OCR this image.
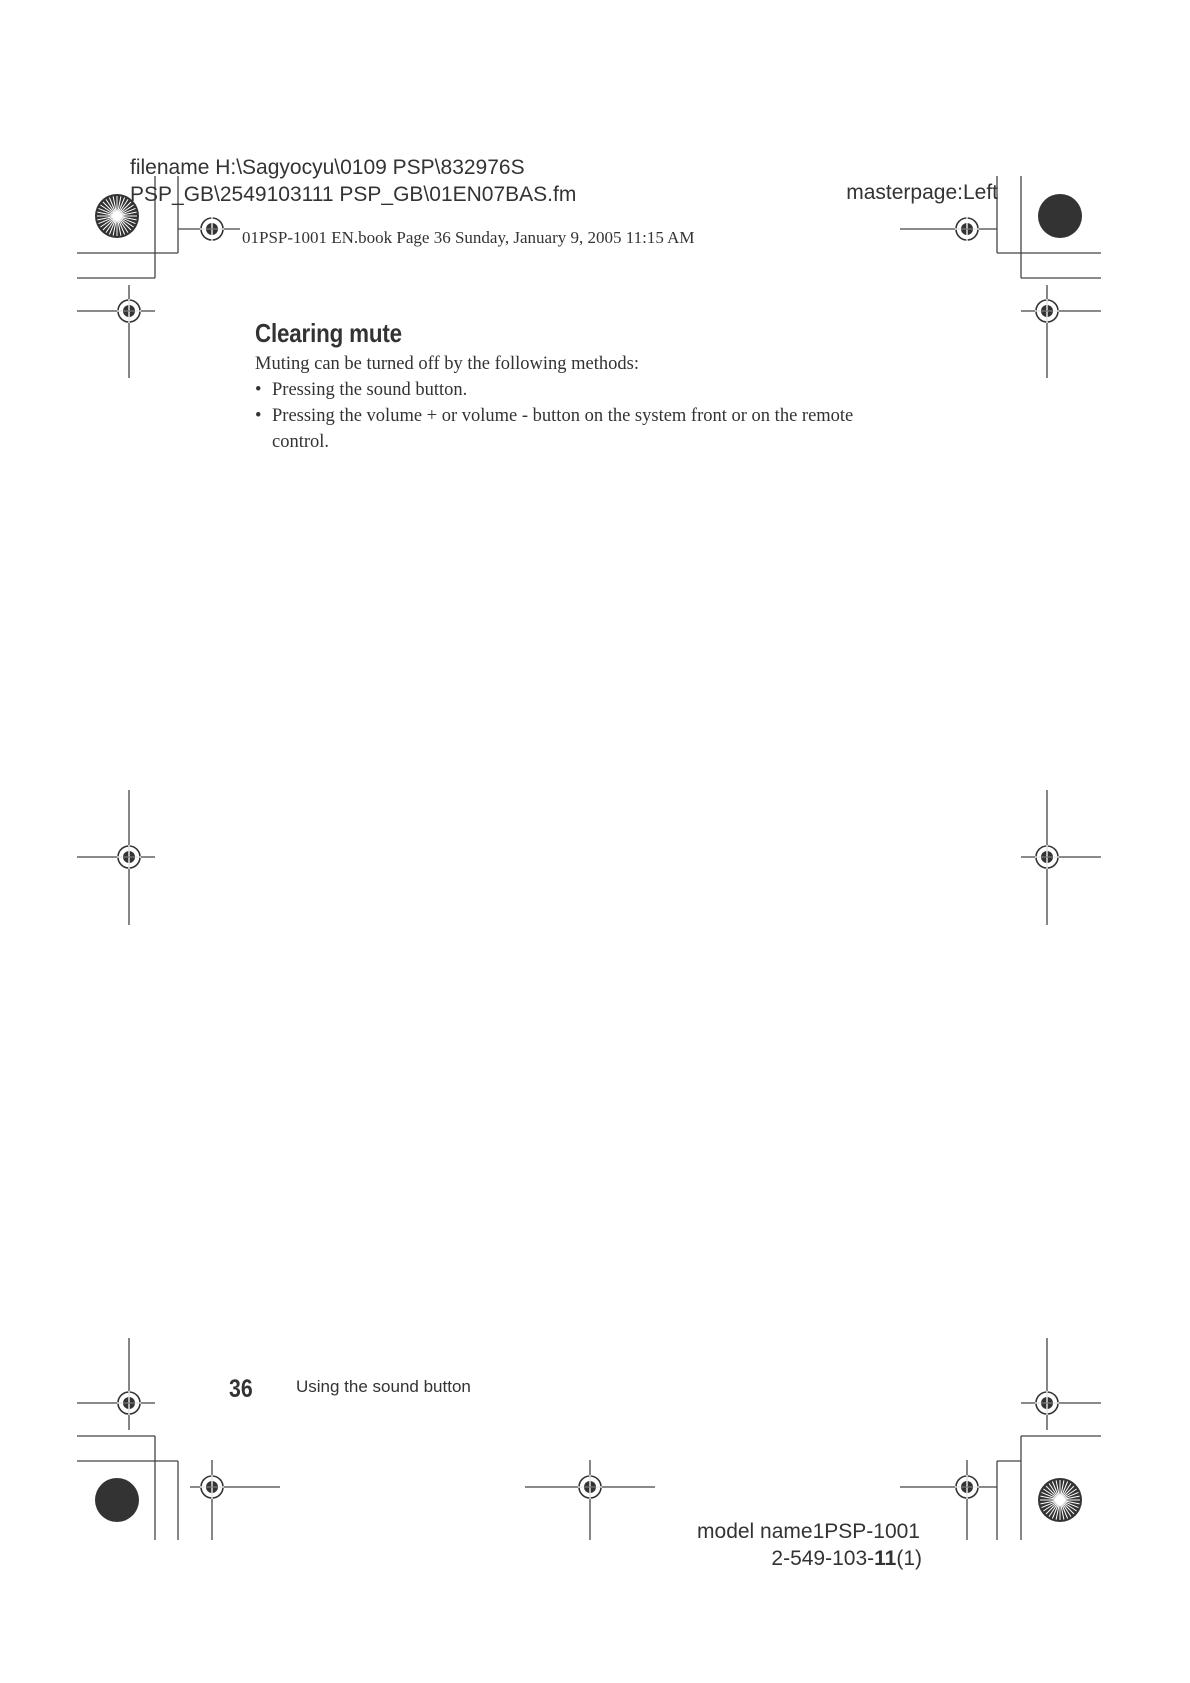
filename H:\Sagyocyu\0109 PSP\832976S
PSP_GB\2549103111 PSP_GB\01EN07BAS.fm	masterpage:Left
01PSP-1001 EN.book Page 36 Sunday, January 9, 2005 11:15 AM
Clearing mute
Muting can be turned off by the following methods:
• Pressing the sound button.
• Pressing the volume + or volume - button on the system front or on the remote
control.
36	Using the sound button
model name1PSP-1001
2-549-103-11(1)
